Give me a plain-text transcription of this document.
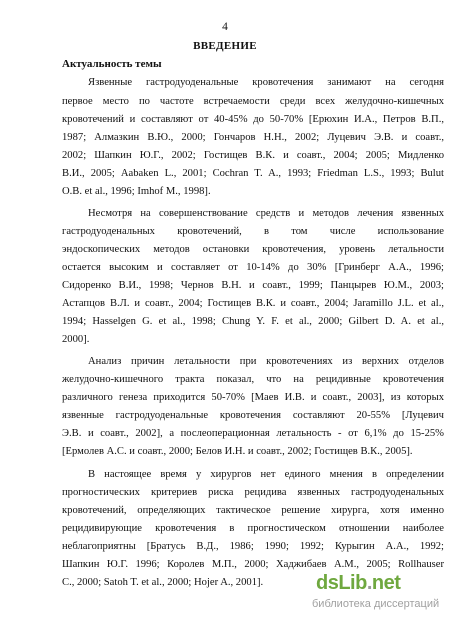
4
ВВЕДЕНИЕ
Актуальность темы
Язвенные гастродуоденальные кровотечения занимают на сегодня
первое место по частоте встречаемости среди всех желудочно-кишечных
кровотечений и составляют от 40-45% до 50-70% [Ерюхин И.А., Петров В.П.,
1987; Алмазкин В.Ю., 2000; Гончаров Н.Н., 2002; Луцевич Э.В. и соавт.,
2002; Шапкин Ю.Г., 2002; Гостищев В.К. и соавт., 2004; 2005; Мидленко
В.И., 2005; Aabaken L., 2001; Cochran T. A., 1993; Friedman L.S., 1993; Bulut
O.B. et al., 1996; Imhof M., 1998].
Несмотря на совершенствование средств и методов лечения язвенных
гастродуоденальных кровотечений, в том числе использование
эндоскопических методов остановки кровотечения, уровень летальности
остается высоким и составляет от 10-14% до 30% [Гринберг А.А., 1996;
Сидоренко В.И., 1998; Чернов В.Н. и соавт., 1999; Панцырев Ю.М., 2003;
Астапцов В.Л. и соавт., 2004; Гостищев В.К. и соавт., 2004; Jaramillo J.L. et al.,
1994; Hasselgen G. et al., 1998; Chung Y. F. et al., 2000; Gilbert D. A. et al.,
2000].
Анализ причин летальности при кровотечениях из верхних отделов
желудочно-кишечного тракта показал, что на рецидивные кровотечения
различного генеза приходится 50-70% [Маев И.В. и соавт., 2003], из которых
язвенные гастродуоденальные кровотечения составляют 20-55% [Луцевич
Э.В. и соавт., 2002], а послеоперационная летальность - от 6,1% до 15-25%
[Ермолев А.С. и соавт., 2000; Белов И.Н. и соавт., 2002; Гостищев В.К., 2005].
В настоящее время у хирургов нет единого мнения в определении
прогностических критериев риска рецидива язвенных гастродуоденальных
кровотечений, определяющих тактическое решение хирурга, хотя именно
рецидивирующие кровотечения в прогностическом отношении наиболее
неблагоприятны [Братусь В.Д., 1986; 1990; 1992; Курыгин А.А., 1992;
Шапкин Ю.Г. 1996; Королев М.П., 2000; Хаджибаев А.М., 2005; Rollhauser
C., 2000; Satoh T. et al., 2000; Hojer A., 2001].	dsLib.net
библиотека диссертаций
